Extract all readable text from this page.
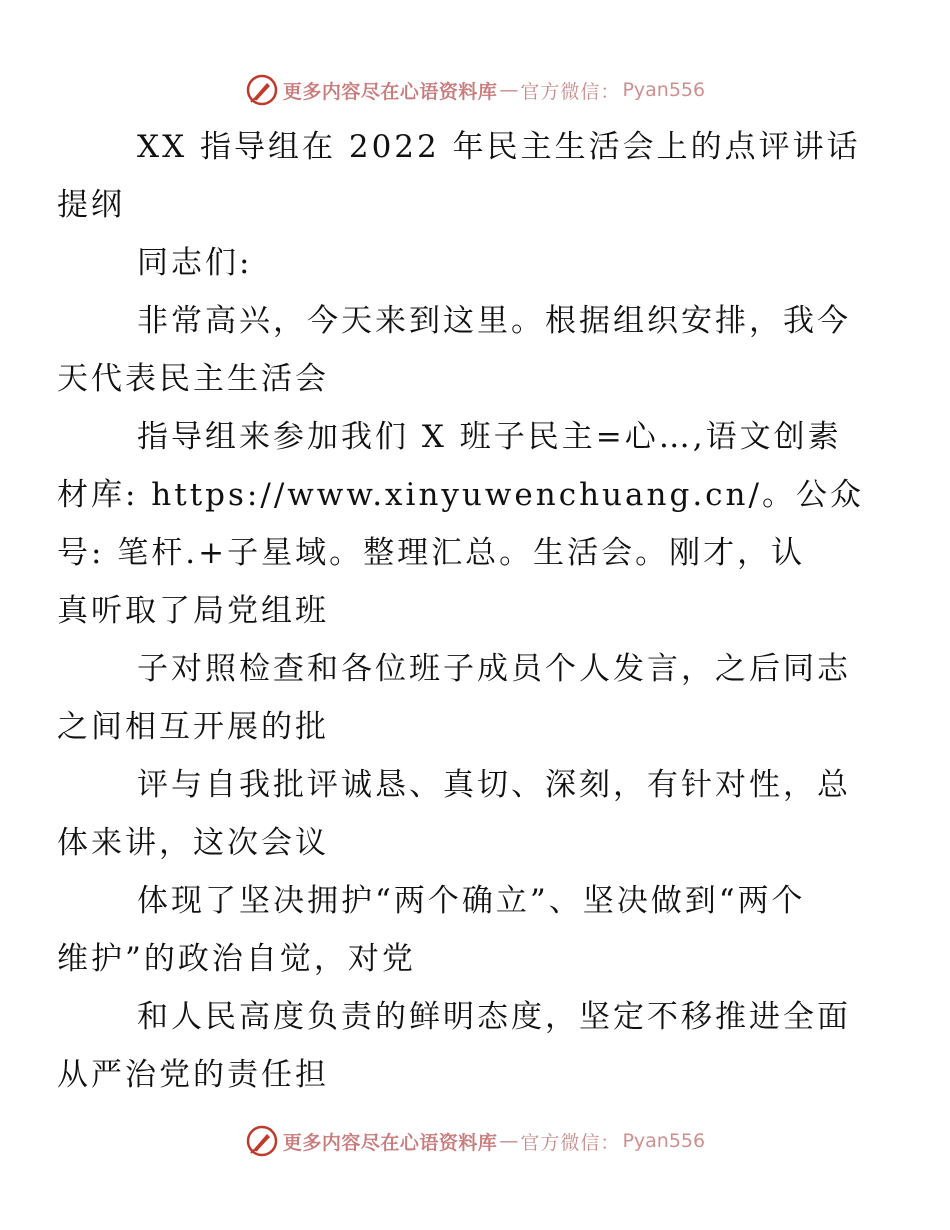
更多内容尽在心语资料库 — 官方微信： Pyan556

XX 指导组在 2022 年民主生活会上的点评讲话
提纲

同志们:

非常高兴，今天来到这里。根据组织安排，我今
天代表民主生活会

指导组来参加我们 X 班子民主=心…,语文创素
材库: https://www.xinyuwenchuang.cn/。公众
号: 笔杆.+子星域。整理汇总。生活会。刚才，认
真听取了局党组班

子对照检查和各位班子成员个人发言，之后同志
之间相互开展的批

评与自我批评诚恳、真切、深刻，有针对性，总
体来讲，这次会议

体现了坚决拥护“两个确立”、坚决做到“两个
维护”的政治自觉，对党

和人民高度负责的鲜明态度，坚定不移推进全面
从严治党的责任担

更多内容尽在心语资料库 — 官方微信： Pyan556
